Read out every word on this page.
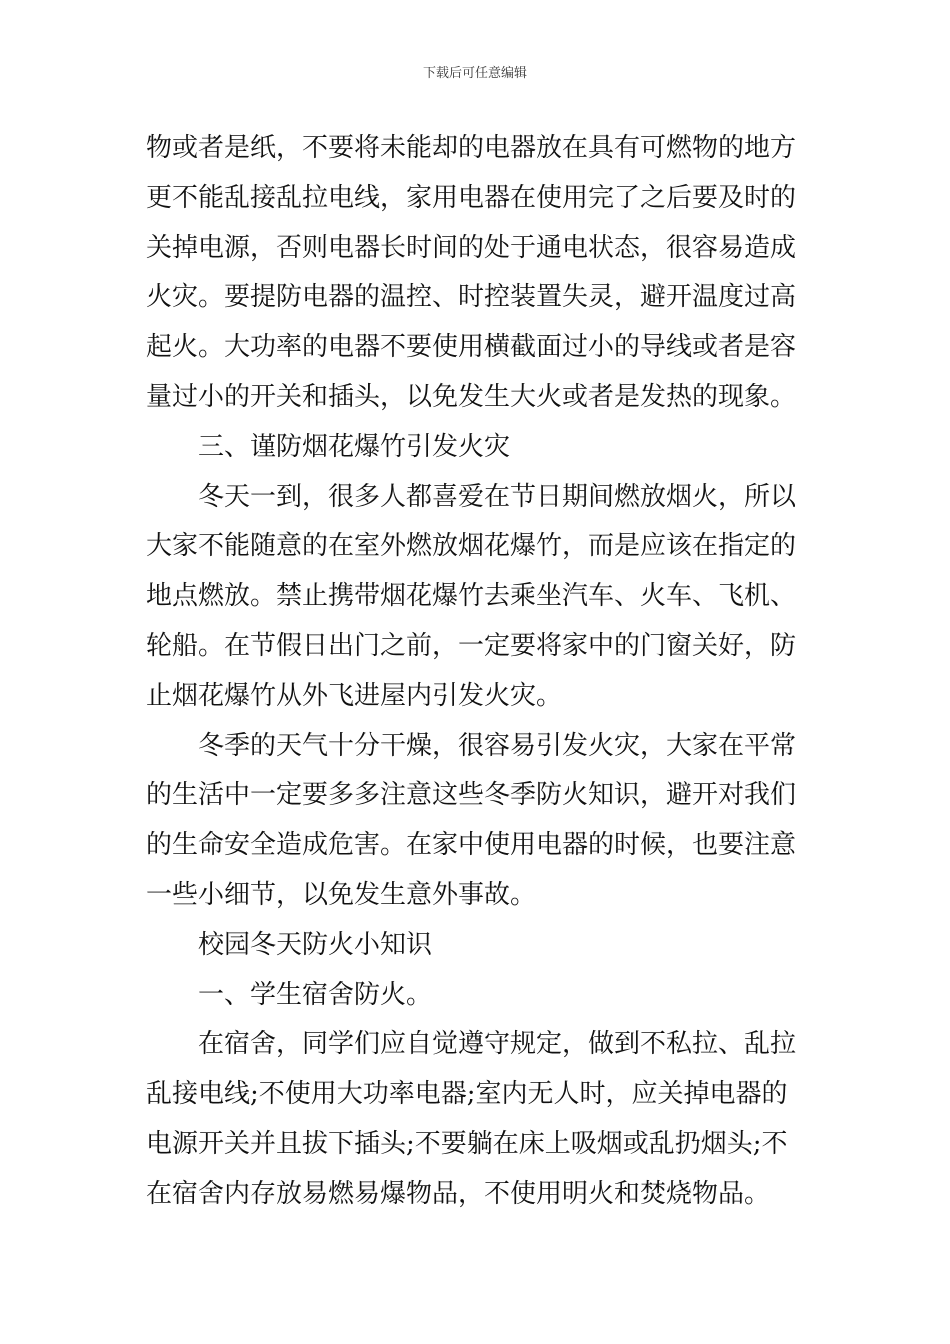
下载后可任意编辑
物或者是纸，不要将未能却的电器放在具有可燃物的地方
更不能乱接乱拉电线，家用电器在使用完了之后要及时的
关掉电源，否则电器长时间的处于通电状态，很容易造成
火灾。要提防电器的温控、时控装置失灵，避开温度过高
起火。大功率的电器不要使用横截面过小的导线或者是容
量过小的开关和插头，以免发生大火或者是发热的现象。
三、谨防烟花爆竹引发火灾
冬天一到，很多人都喜爱在节日期间燃放烟火，所以
大家不能随意的在室外燃放烟花爆竹，而是应该在指定的
地点燃放。禁止携带烟花爆竹去乘坐汽车、火车、飞机、
轮船。在节假日出门之前，一定要将家中的门窗关好，防
止烟花爆竹从外飞进屋内引发火灾。
冬季的天气十分干燥，很容易引发火灾，大家在平常
的生活中一定要多多注意这些冬季防火知识，避开对我们
的生命安全造成危害。在家中使用电器的时候，也要注意
一些小细节，以免发生意外事故。
校园冬天防火小知识
一、学生宿舍防火。
在宿舍，同学们应自觉遵守规定，做到不私拉、乱拉
乱接电线;不使用大功率电器;室内无人时，应关掉电器的
电源开关并且拔下插头;不要躺在床上吸烟或乱扔烟头;不
在宿舍内存放易燃易爆物品，不使用明火和焚烧物品。
